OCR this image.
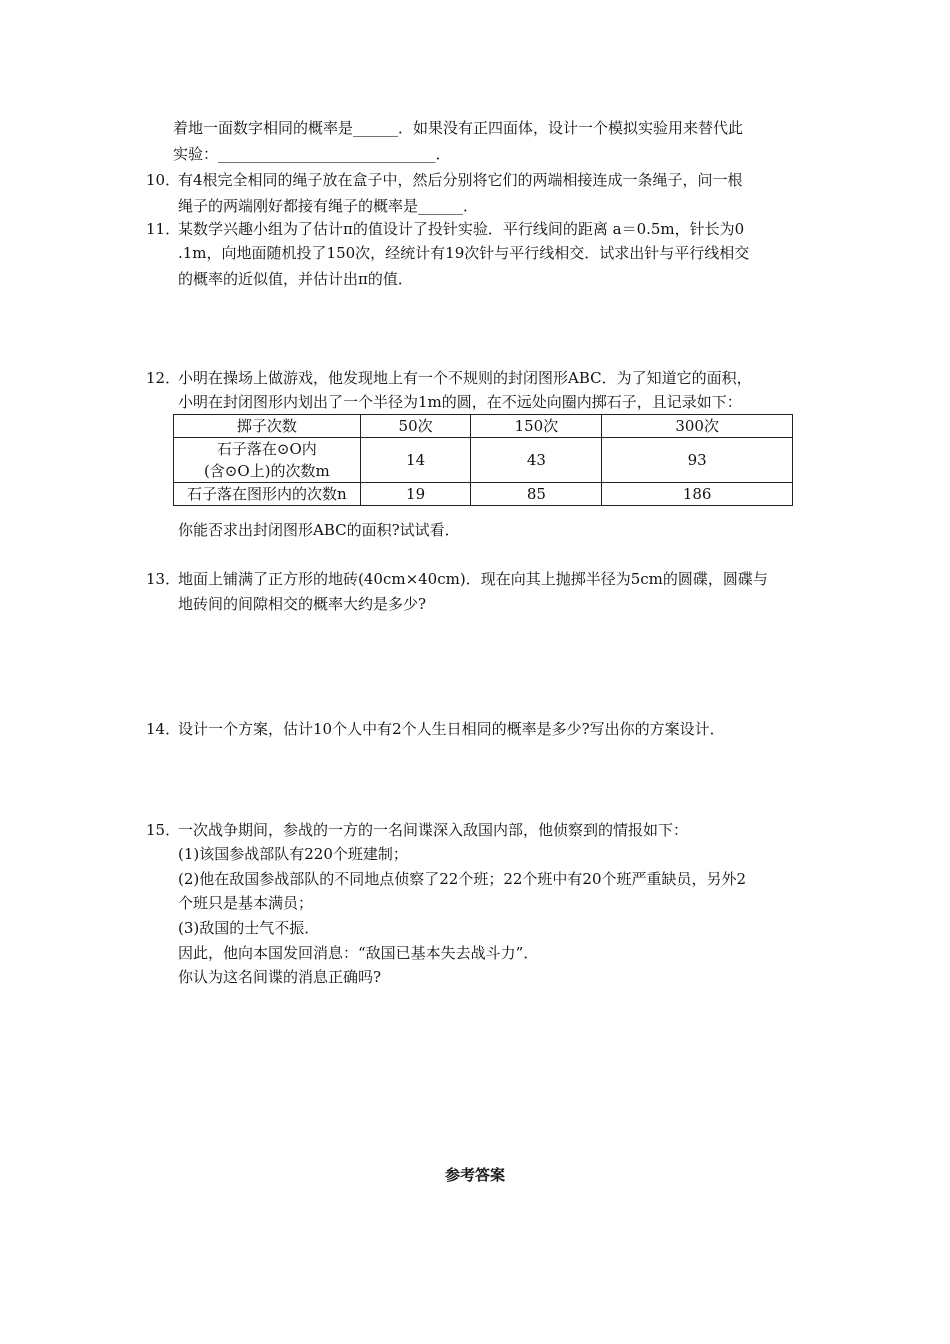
着地一面数字相同的概率是______．如果没有正四面体，设计一个模拟实验用来替代此
实验：_____________________________．
10．
有4根完全相同的绳子放在盒子中，然后分别将它们的两端相接连成一条绳子，问一根
绳子的两端刚好都接有绳子的概率是______．
11．
某数学兴趣小组为了估计π的值设计了投针实验．平行线间的距离 a＝0.5m，针长为0
.1m，向地面随机投了150次，经统计有19次针与平行线相交．试求出针与平行线相交
的概率的近似值，并估计出π的值．
12．
小明在操场上做游戏，他发现地上有一个不规则的封闭图形ABC．为了知道它的面积，
小明在封闭图形内划出了一个半径为1m的圆，在不远处向圈内掷石子，且记录如下：
掷子次数	50次	150次	300次

石子落在⊙O内
(含⊙O上)的次数m	14	43	93
石子落在图形内的次数n	19	85	186
你能否求出封闭图形ABC的面积?试试看．
13．
地面上铺满了正方形的地砖(40cm×40cm)．现在向其上抛掷半径为5cm的圆碟，圆碟与
地砖间的间隙相交的概率大约是多少?
14．
设计一个方案，估计10个人中有2个人生日相同的概率是多少?写出你的方案设计．
15．
一次战争期间，参战的一方的一名间谍深入敌国内部，他侦察到的情报如下：
(1)该国参战部队有220个班建制；
(2)他在敌国参战部队的不同地点侦察了22个班；22个班中有20个班严重缺员，另外2
个班只是基本满员；
(3)敌国的士气不振．
因此，他向本国发回消息：“敌国已基本失去战斗力”．
你认为这名间谍的消息正确吗?
参考答案
